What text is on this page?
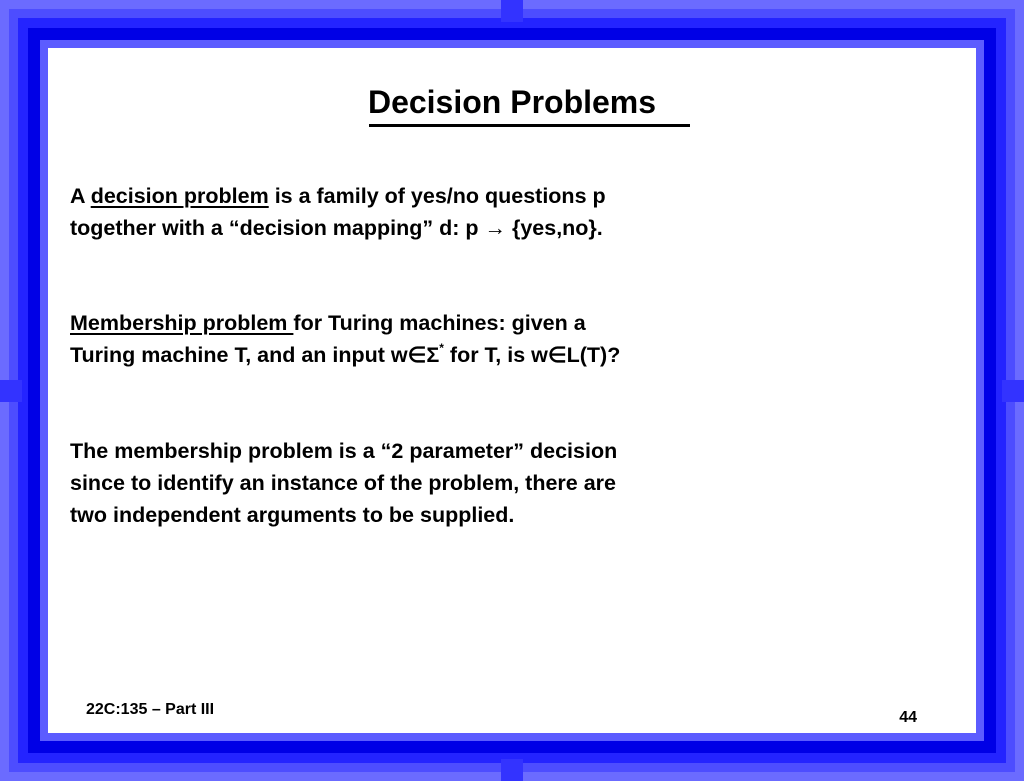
Decision Problems
A decision problem is a family of yes/no questions p
together with a “decision mapping” d: p → {yes,no}.
Membership problem for Turing machines: given a
Turing machine T, and an input w∈Σ* for T, is w∈L(T)?
The membership problem is a “2 parameter” decision
since to identify an instance of the problem, there are
two independent arguments to be supplied.
22C:135 – Part III	44
